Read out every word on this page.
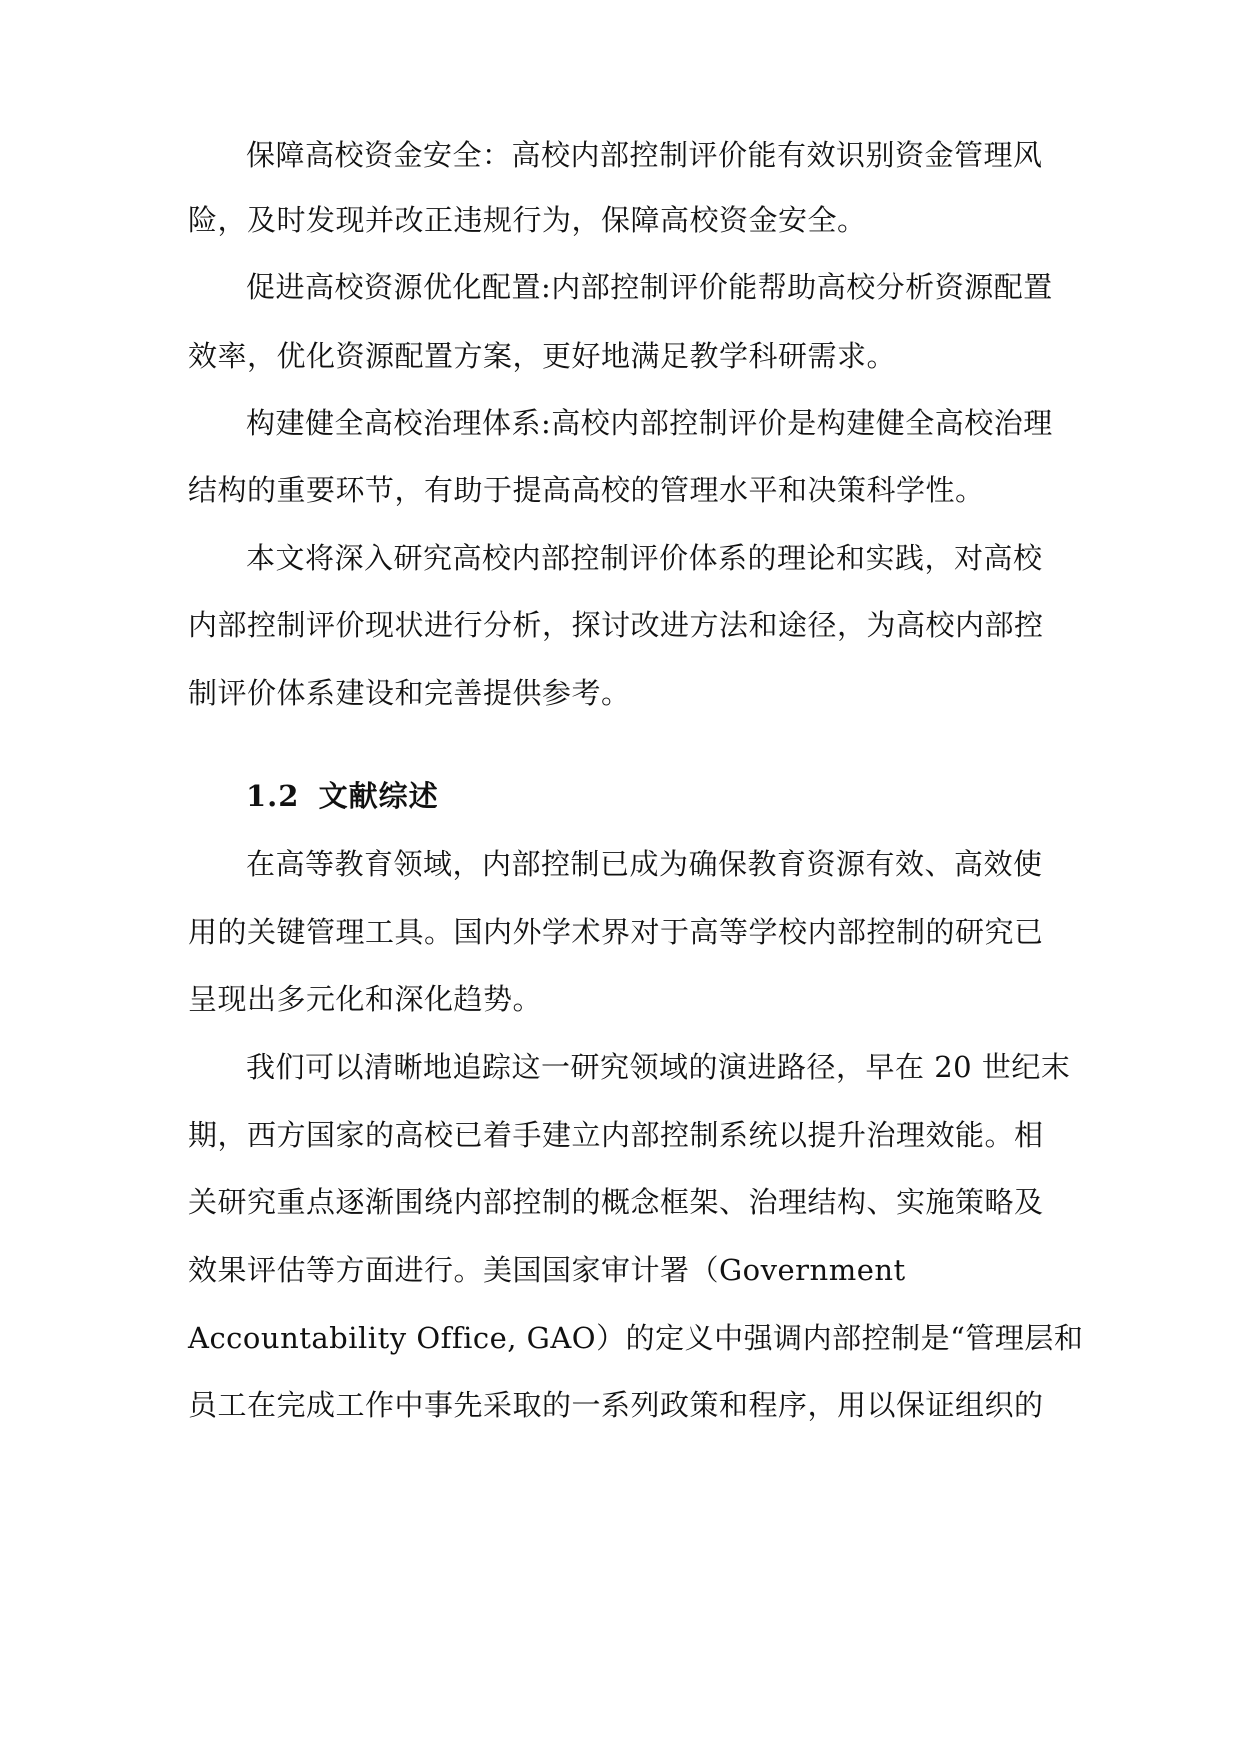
保障高校资金安全：高校内部控制评价能有效识别资金管理风
险，及时发现并改正违规行为，保障高校资金安全。
促进高校资源优化配置:内部控制评价能帮助高校分析资源配置
效率，优化资源配置方案，更好地满足教学科研需求。
构建健全高校治理体系:高校内部控制评价是构建健全高校治理
结构的重要环节，有助于提高高校的管理水平和决策科学性。
本文将深入研究高校内部控制评价体系的理论和实践，对高校
内部控制评价现状进行分析，探讨改进方法和途径，为高校内部控
制评价体系建设和完善提供参考。
1.2 文献综述
在高等教育领域，内部控制已成为确保教育资源有效、高效使
用的关键管理工具。国内外学术界对于高等学校内部控制的研究已
呈现出多元化和深化趋势。
我们可以清晰地追踪这一研究领域的演进路径，早在 20 世纪末
期，西方国家的高校已着手建立内部控制系统以提升治理效能。相
关研究重点逐渐围绕内部控制的概念框架、治理结构、实施策略及
效果评估等方面进行。美国国家审计署（Government
Accountability Office, GAO）的定义中强调内部控制是“管理层和
员工在完成工作中事先采取的一系列政策和程序，用以保证组织的
